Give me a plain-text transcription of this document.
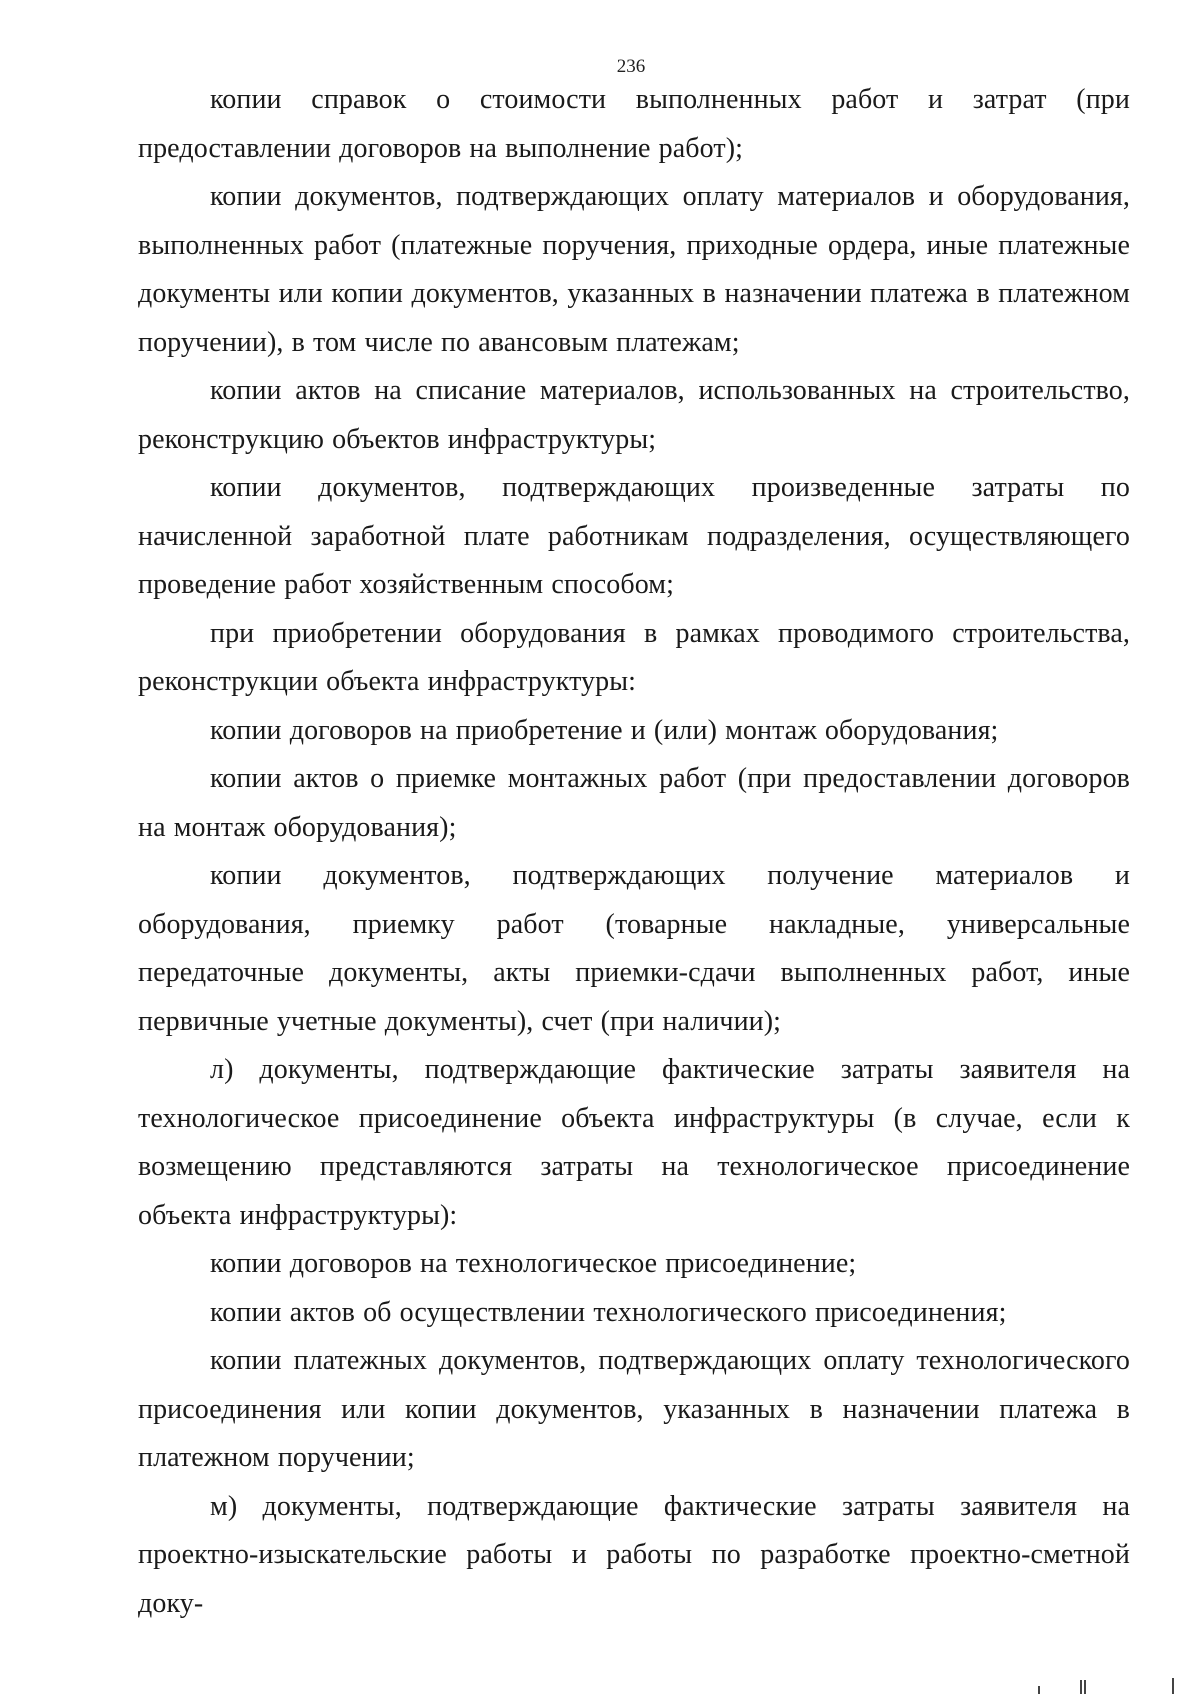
236

копии справок о стоимости выполненных работ и затрат (при предоставлении договоров на выполнение работ);

копии документов, подтверждающих оплату материалов и оборудования, выполненных работ (платежные поручения, приходные ордера, иные платежные документы или копии документов, указанных в назначении платежа в платежном поручении), в том числе по авансовым платежам;

копии актов на списание материалов, использованных на строительство, реконструкцию объектов инфраструктуры;

копии документов, подтверждающих произведенные затраты по начисленной заработной плате работникам подразделения, осуществляющего проведение работ хозяйственным способом;

при приобретении оборудования в рамках проводимого строительства, реконструкции объекта инфраструктуры:

копии договоров на приобретение и (или) монтаж оборудования;

копии актов о приемке монтажных работ (при предоставлении договоров на монтаж оборудования);

копии документов, подтверждающих получение материалов и оборудования, приемку работ (товарные накладные, универсальные передаточные документы, акты приемки-сдачи выполненных работ, иные первичные учетные документы), счет (при наличии);

л) документы, подтверждающие фактические затраты заявителя на технологическое присоединение объекта инфраструктуры (в случае, если к возмещению представляются затраты на технологическое присоединение объекта инфраструктуры):

копии договоров на технологическое присоединение;

копии актов об осуществлении технологического присоединения;

копии платежных документов, подтверждающих оплату технологического присоединения или копии документов, указанных в назначении платежа в платежном поручении;

м) документы, подтверждающие фактические затраты заявителя на проектно-изыскательские работы и работы по разработке проектно-сметной доку-
